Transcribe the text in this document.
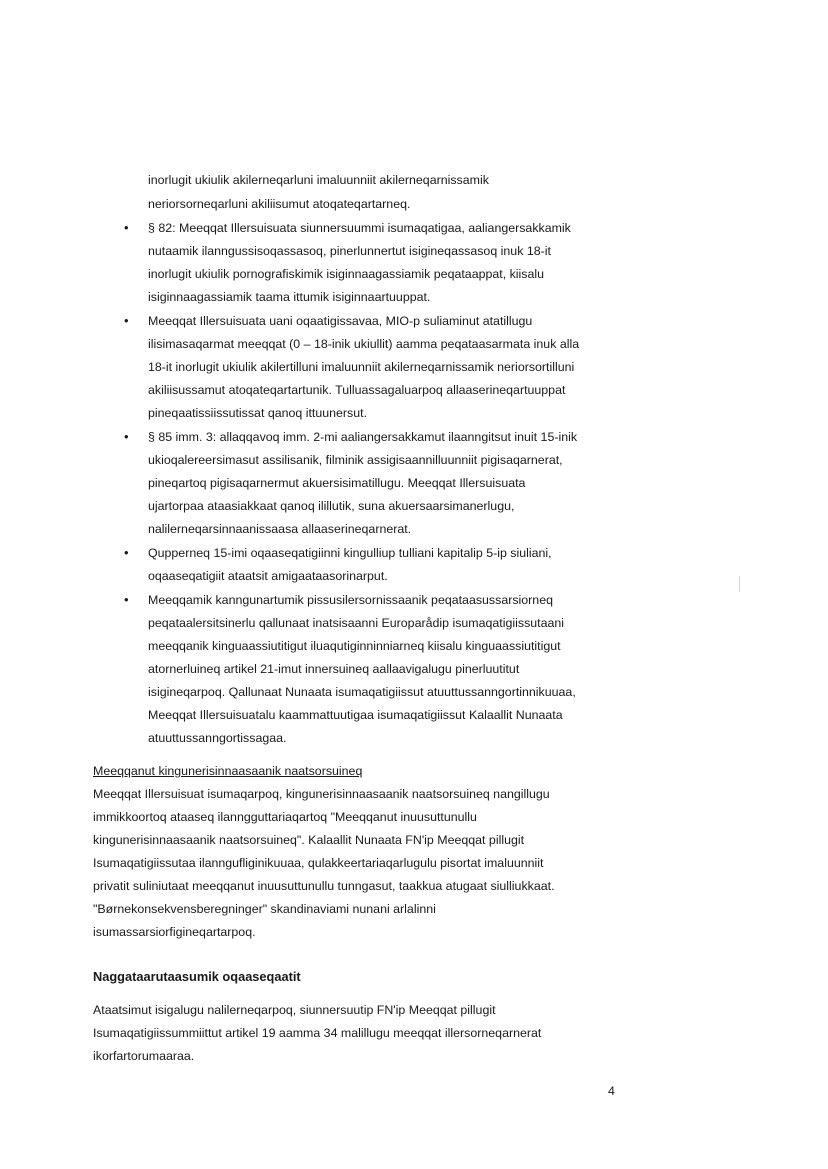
inorlugit ukiulik akilerneqarluni imaluunniit akilerneqarnissamik
neriorsorneqarluni akiliisumut atoqateqartarneq.
• § 82: Meeqqat Illersuisuata siunnersuummi isumaqatigaa, aaliangersakkamik
nutaamik ilanngussisoqassasoq, pinerlunnertut isigineqassasoq inuk 18-it
inorlugit ukiulik pornografiskimik isiginnaagassiamik peqataappat, kiisalu
isiginnaagassiamik taama ittumik isiginnaartuuppat.
• Meeqqat Illersuisuata uani oqaatigissavaa, MIO-p suliaminut atatillugu
ilisimasaqarmat meeqqat (0 – 18-inik ukiullit) aamma peqataasarmata inuk alla
18-it inorlugit ukiulik akilertilluni imaluunniit akilerneqarnissamik neriorsortilluni
akiliisussamut atoqateqartartunik. Tulluassagaluarpoq allaaserineqartuuppat
pineqaatissiissutissat qanoq ittuunersut.
• § 85 imm. 3: allaqqavoq imm. 2-mi aaliangersakkamut ilaanngitsut inuit 15-inik
ukioqalereersimasut assilisanik, filminik assigisaannilluunniit pigisaqarnerat,
pineqartoq pigisaqarnermut akuersisimatillugu. Meeqqat Illersuisuata
ujartorpaa ataasiakkaat qanoq ilillutik, suna akuersaarsimanerlugu,
nalilerneqarsinnaanissaasa allaaserineqarnerat.
• Qupperneq 15-imi oqaaseqatigiinni kingulliup tulliani kapitalip 5-ip siuliani,
oqaaseqatigiit ataatsit amigaataasorinarput.
• Meeqqamik kanngunartumik pissusilersornissaanik peqataasussarsiorneq
peqataalersitsinerlu qallunaat inatsisaanni Europarådip isumaqatigiissutaani
meeqqanik kinguaassiutitigut iluaqutiginninniarneq kiisalu kinguaassiutitigut
atornerluineq artikel 21-imut innersuineq aallaavigalugu pinerluutitut
isigineqarpoq. Qallunaat Nunaata isumaqatigiissut atuuttussanngortinnikuuaa,
Meeqqat Illersuisuatalu kaammattuutigaa isumaqatigiissut Kalaallit Nunaata
atuuttussanngortissagaa.
Meeqqanut kingunerisinnaasaanik naatsorsuineq
Meeqqat Illersuisuat isumaqarpoq, kingunerisinnaasaanik naatsorsuineq nangillugu
immikkoortoq ataaseq ilanngguttariaqartoq "Meeqqanut inuusuttunullu
kingunerisinnaasaanik naatsorsuineq". Kalaallit Nunaata FN'ip Meeqqat pillugit
Isumaqatigiissutaa ilanngufliginikuuaa, qulakkeertariaqarlugulu pisortat imaluunniit
privatit suliniutaat meeqqanut inuusuttunullu tunngasut, taakkua atugaat siulliukkaat.
"Børnekonsekvensberegninger" skandinaviami nunani arlalinni
isumassarsiorfigineqartarpoq.
Naggataarutaasumik oqaaseqaatit
Ataatsimut isigalugu nalilerneqarpoq, siunnersuutip FN'ip Meeqqat pillugit
Isumaqatigiissummiittut artikel 19 aamma 34 malillugu meeqqat illersorneqarnerat
ikorfartorumaaraa.
4
